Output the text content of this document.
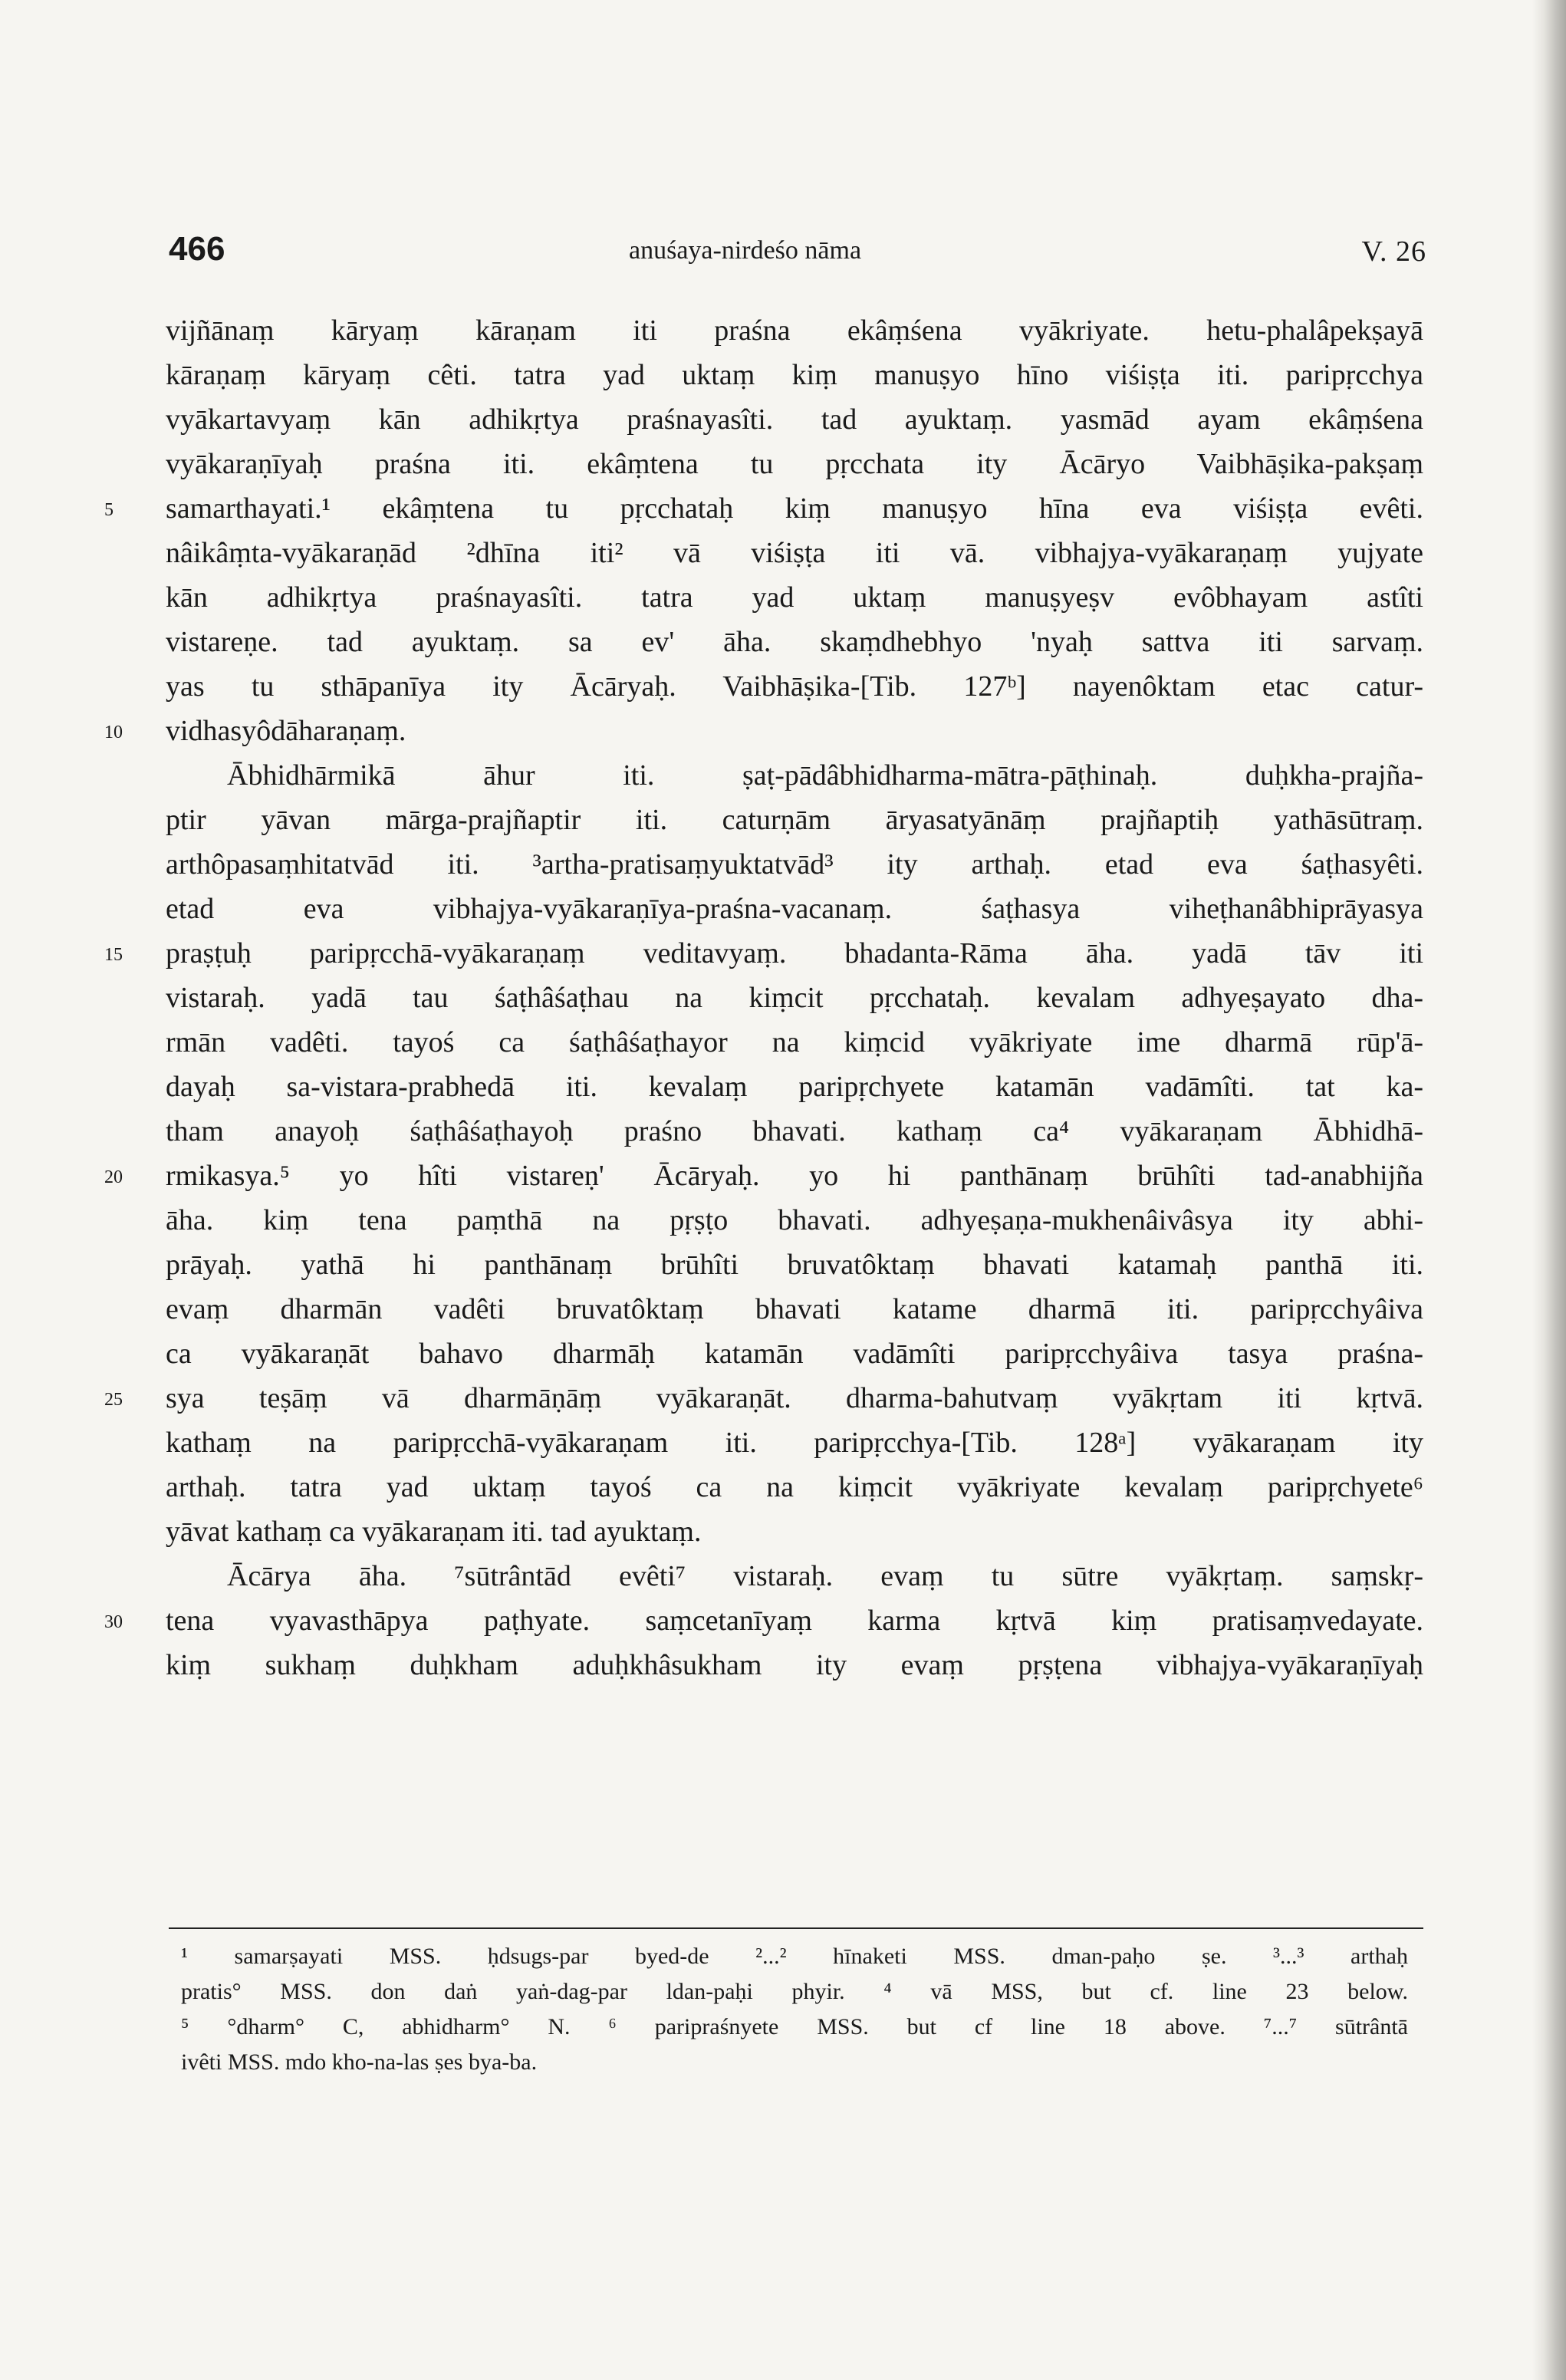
466	anuśaya-nirdeśo nāma	V. 26
vijñānaṃ kāryaṃ kāraṇam iti praśna ekâṃśena vyākriyate. hetu-phalâpekṣayā
kāraṇaṃ kāryaṃ cêti. tatra yad uktaṃ kiṃ manuṣyo hīno viśiṣṭa iti. paripṛcchya
vyākartavyaṃ kān adhikṛtya praśnayasîti. tad ayuktaṃ. yasmād ayam ekâṃśena
vyākaraṇīyaḥ praśna iti. ekâṃtena tu pṛcchata ity Ācāryo Vaibhāṣika-pakṣaṃ
5	samarthayati.¹ ekâṃtena tu pṛcchataḥ kiṃ manuṣyo hīna eva viśiṣṭa evêti.
nâikâṃta-vyākaraṇād ²dhīna iti² vā viśiṣṭa iti vā. vibhajya-vyākaraṇaṃ yujyate
kān adhikṛtya praśnayasîti. tatra yad uktaṃ manuṣyeṣv evôbhayam astîti
vistareṇe. tad ayuktaṃ. sa ev' āha. skaṃdhebhyo 'nyaḥ sattva iti sarvaṃ.
yas tu sthāpanīya ity Ācāryaḥ. Vaibhāṣika-[Tib. 127ᵇ] nayenôktam etac catur-
10	vidhasyôdāharaṇaṃ.
Ābhidhārmikā āhur iti. ṣaṭ-pādâbhidharma-mātra-pāṭhinaḥ. duḥkha-prajña-
ptir yāvan mārga-prajñaptir iti. caturṇām āryasatyānāṃ prajñaptiḥ yathāsūtraṃ.
arthôpasaṃhitatvād iti. ³artha-pratisaṃyuktatvād³ ity arthaḥ. etad eva śaṭhasyêti.
etad eva vibhajya-vyākaraṇīya-praśna-vacanaṃ. śaṭhasya viheṭhanâbhiprāyasya
15	praṣṭuḥ paripṛcchā-vyākaraṇaṃ veditavyaṃ. bhadanta-Rāma āha. yadā tāv iti
vistaraḥ. yadā tau śaṭhâśaṭhau na kiṃcit pṛcchataḥ. kevalam adhyeṣayato dha-
rmān vadêti. tayoś ca śaṭhâśaṭhayor na kiṃcid vyākriyate ime dharmā rūp'ā-
dayaḥ sa-vistara-prabhedā iti. kevalaṃ paripṛchyete katamān vadāmîti. tat ka-
tham anayoḥ śaṭhâśaṭhayoḥ praśno bhavati. kathaṃ ca⁴ vyākaraṇam Ābhidhā-
20	rmikasya.⁵ yo hîti vistareṇ' Ācāryaḥ. yo hi panthānaṃ brūhîti tad-anabhijña
āha. kiṃ tena paṃthā na pṛṣṭo bhavati. adhyeṣaṇa-mukhenâivâsya ity abhi-
prāyaḥ. yathā hi panthānaṃ brūhîti bruvatôktaṃ bhavati katamaḥ panthā iti.
evaṃ dharmān vadêti bruvatôktaṃ bhavati katame dharmā iti. paripṛcchyâiva
ca vyākaraṇāt bahavo dharmāḥ katamān vadāmîti paripṛcchyâiva tasya praśna-
25	sya teṣāṃ vā dharmāṇāṃ vyākaraṇāt. dharma-bahutvaṃ vyākṛtam iti kṛtvā.
kathaṃ na paripṛcchā-vyākaraṇam iti. paripṛcchya-[Tib. 128ᵃ] vyākaraṇam ity
arthaḥ. tatra yad uktaṃ tayoś ca na kiṃcit vyākriyate kevalaṃ paripṛchyete⁶
yāvat kathaṃ ca vyākaraṇam iti. tad ayuktaṃ.
Ācārya āha. ⁷sūtrântād evêti⁷ vistaraḥ. evaṃ tu sūtre vyākṛtaṃ. saṃskṛ-
30	tena vyavasthāpya paṭhyate. saṃcetanīyaṃ karma kṛtvā kiṃ pratisaṃvedayate.
kiṃ sukhaṃ duḥkham aduḥkhâsukham ity evaṃ pṛṣṭena vibhajya-vyākaraṇīyaḥ
¹ samarṣayati MSS. ḥdsugs-par byed-de ²...² hīnaketi MSS. dman-paḥo ṣe. ³...³ arthaḥ
pratis° MSS. don daṅ yaṅ-dag-par ldan-paḥi phyir. ⁴ vā MSS, but cf. line 23 below.
⁵ °dharm° C, abhidharm° N. ⁶ paripraśnyete MSS. but cf line 18 above. ⁷...⁷ sūtrântā
ivêti MSS. mdo kho-na-las ṣes bya-ba.
